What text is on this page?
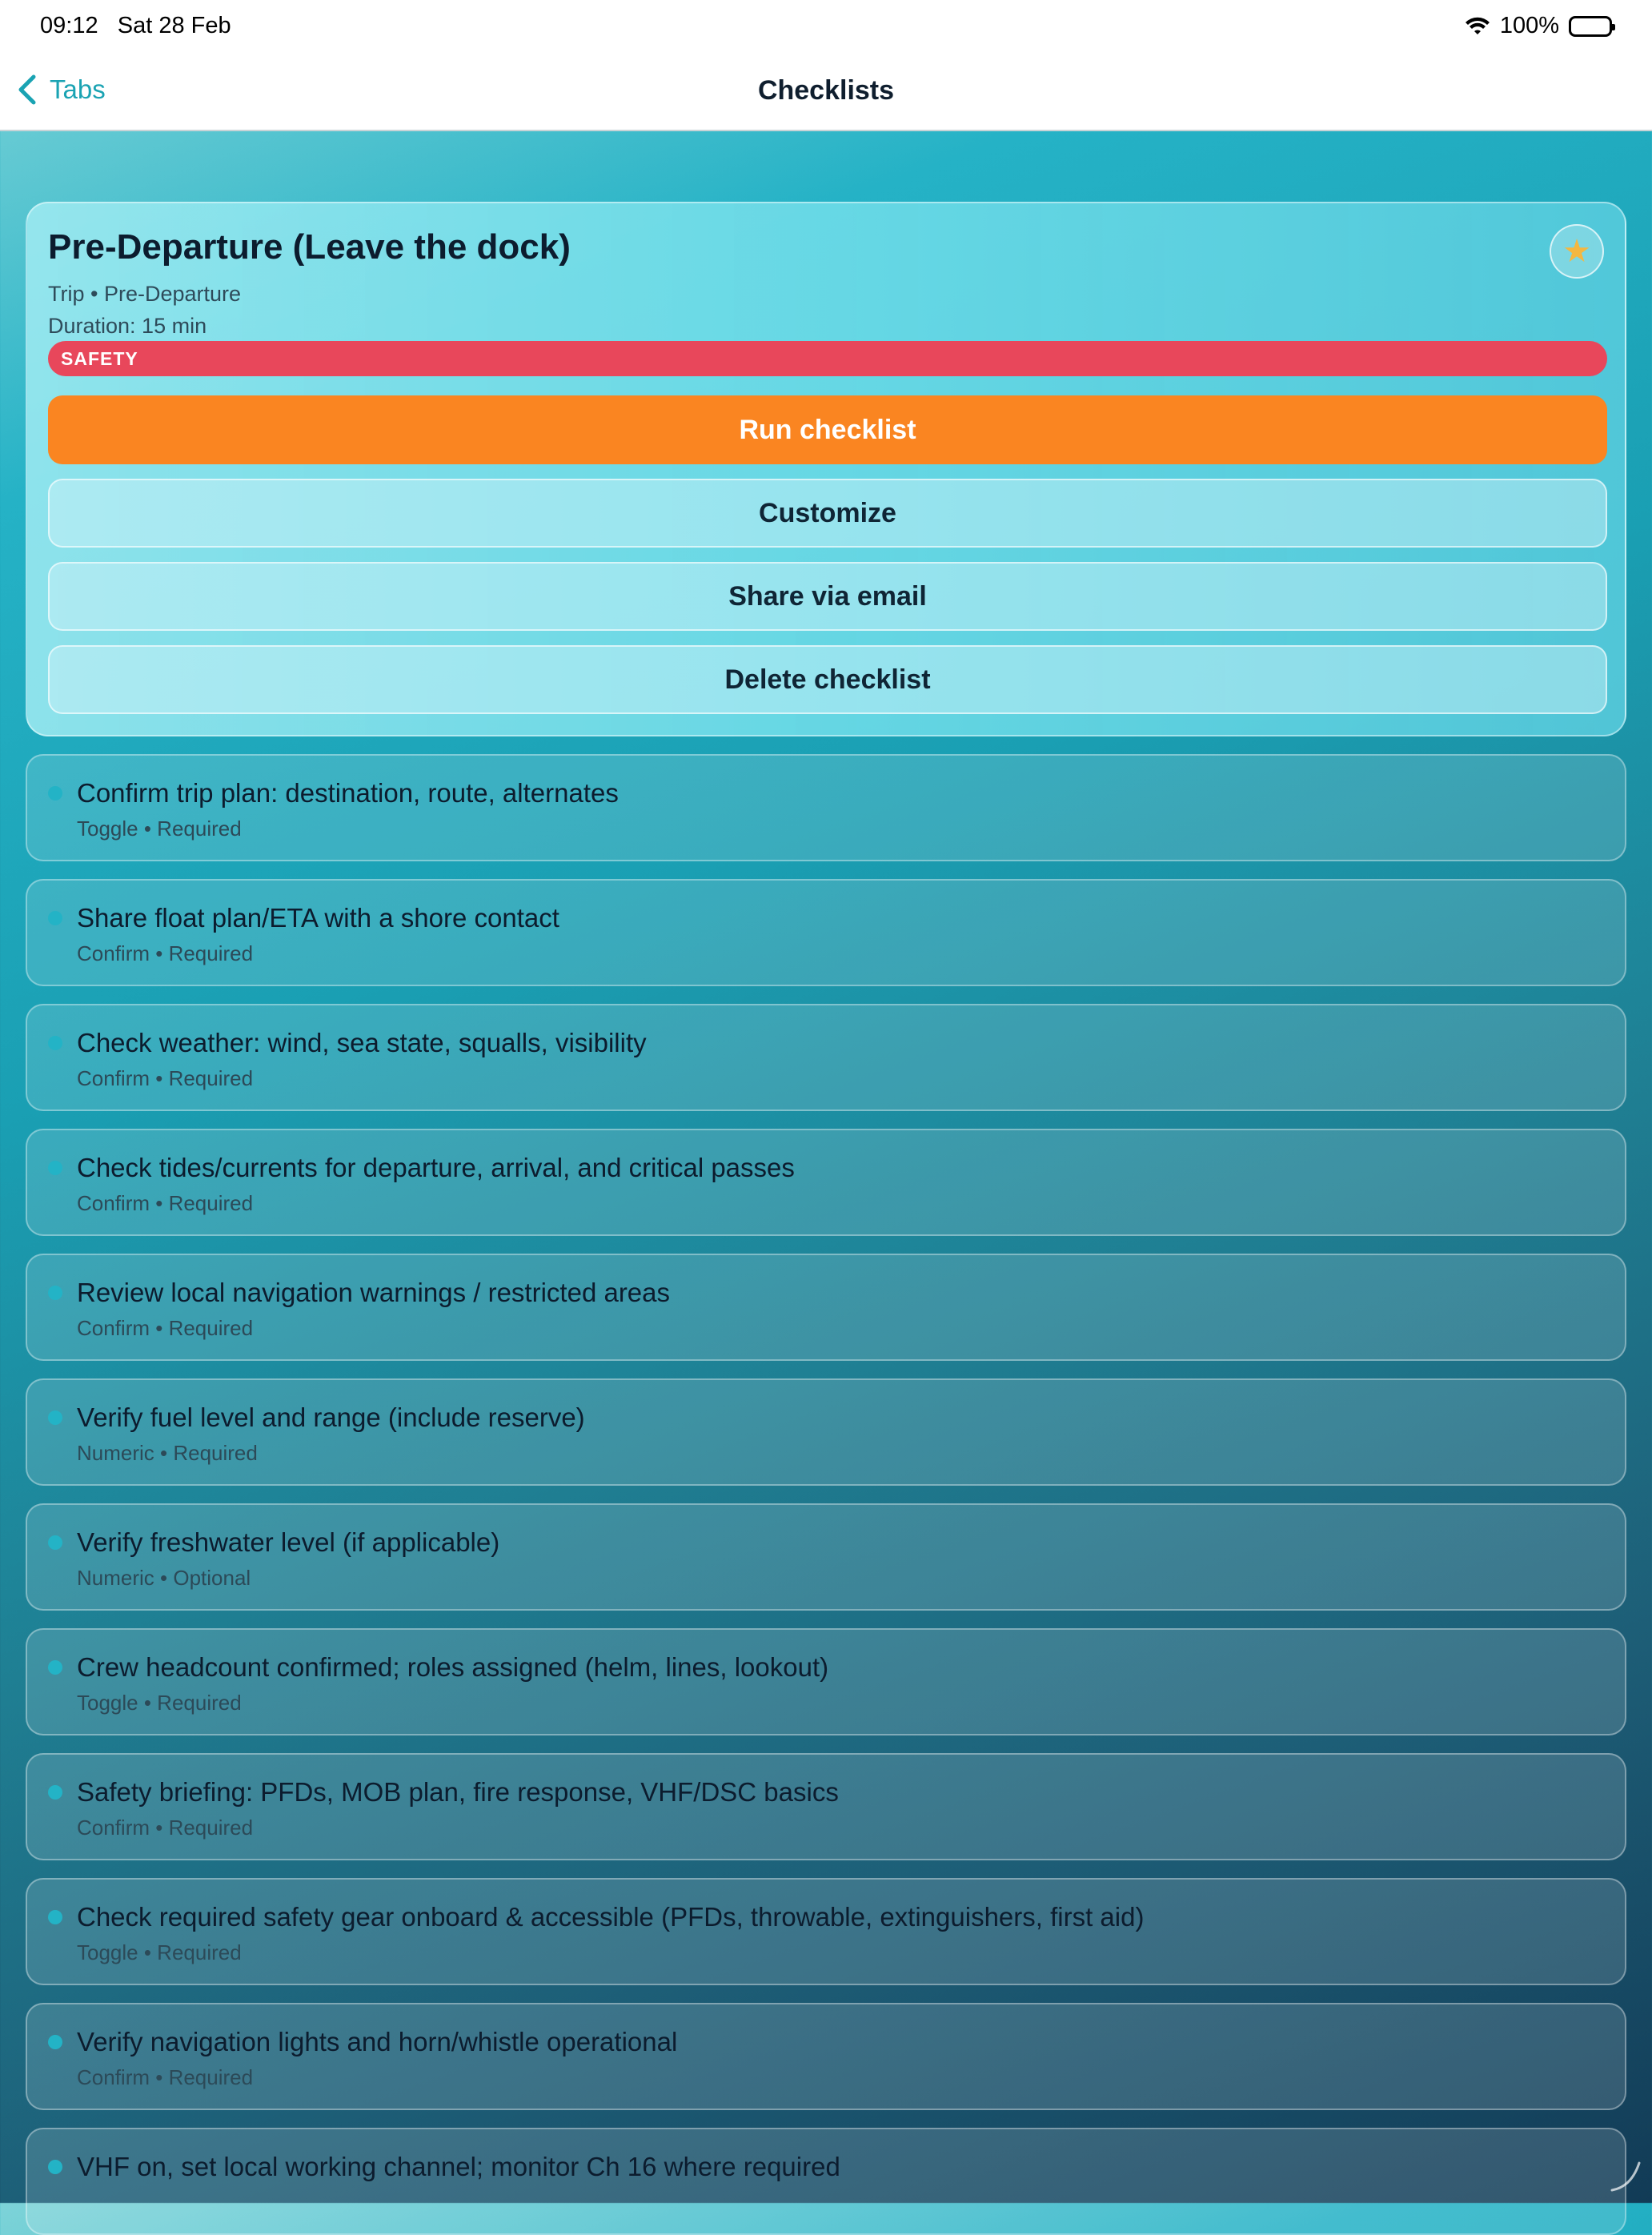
09:12 Sat 28 Feb	100%
Tabs	Checklists
Pre-Departure (Leave the dock)	★
Trip • Pre-Departure
Duration: 15 min
SAFETY
Run checklist
Customize
Share via email
Delete checklist
Confirm trip plan: destination, route, alternates
Toggle • Required
Share float plan/ETA with a shore contact
Confirm • Required
Check weather: wind, sea state, squalls, visibility
Confirm • Required
Check tides/currents for departure, arrival, and critical passes
Confirm • Required
Review local navigation warnings / restricted areas
Confirm • Required
Verify fuel level and range (include reserve)
Numeric • Required
Verify freshwater level (if applicable)
Numeric • Optional
Crew headcount confirmed; roles assigned (helm, lines, lookout)
Toggle • Required
Safety briefing: PFDs, MOB plan, fire response, VHF/DSC basics
Confirm • Required
Check required safety gear onboard & accessible (PFDs, throwable, extinguishers, first aid)
Toggle • Required
Verify navigation lights and horn/whistle operational
Confirm • Required
VHF on, set local working channel; monitor Ch 16 where required
